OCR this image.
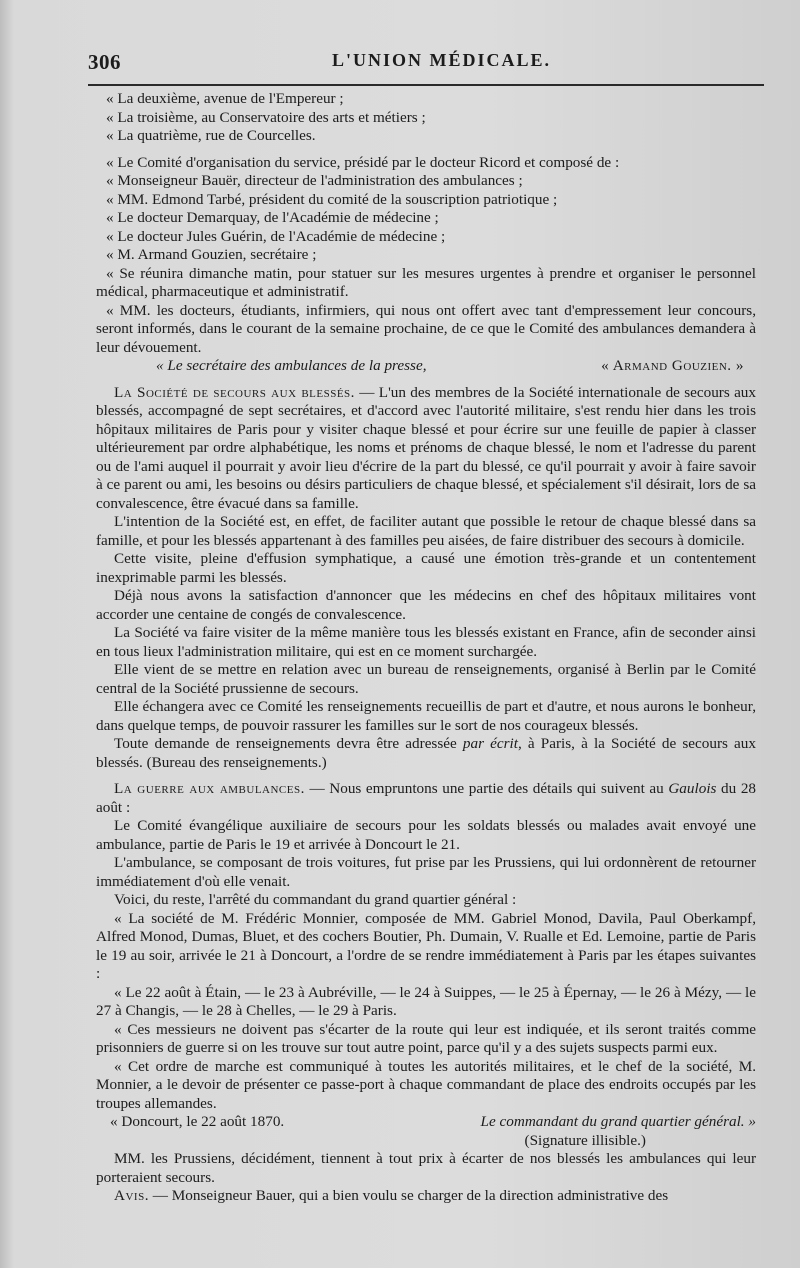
306	L'UNION MÉDICALE.

« La deuxième, avenue de l'Empereur ;

« La troisième, au Conservatoire des arts et métiers ;

« La quatrième, rue de Courcelles.

« Le Comité d'organisation du service, présidé par le docteur Ricord et composé de :

« Monseigneur Bauër, directeur de l'administration des ambulances ;

« MM. Edmond Tarbé, président du comité de la souscription patriotique ;

« Le docteur Demarquay, de l'Académie de médecine ;

« Le docteur Jules Guérin, de l'Académie de médecine ;

« M. Armand Gouzien, secrétaire ;

« Se réunira dimanche matin, pour statuer sur les mesures urgentes à prendre et organiser le personnel médical, pharmaceutique et administratif.

« MM. les docteurs, étudiants, infirmiers, qui nous ont offert avec tant d'empressement leur concours, seront informés, dans le courant de la semaine prochaine, de ce que le Comité des ambulances demandera à leur dévouement.

« Le secrétaire des ambulances de la presse,	« Armand Gouzien. »

La Société de secours aux blessés. — L'un des membres de la Société internationale de secours aux blessés, accompagné de sept secrétaires, et d'accord avec l'autorité militaire, s'est rendu hier dans les trois hôpitaux militaires de Paris pour y visiter chaque blessé et pour écrire sur une feuille de papier à classer ultérieurement par ordre alphabétique, les noms et prénoms de chaque blessé, le nom et l'adresse du parent ou de l'ami auquel il pourrait y avoir lieu d'écrire de la part du blessé, ce qu'il pourrait y avoir à faire savoir à ce parent ou ami, les besoins ou désirs particuliers de chaque blessé, et spécialement s'il désirait, lors de sa convalescence, être évacué dans sa famille.

L'intention de la Société est, en effet, de faciliter autant que possible le retour de chaque blessé dans sa famille, et pour les blessés appartenant à des familles peu aisées, de faire distribuer des secours à domicile.

Cette visite, pleine d'effusion symphatique, a causé une émotion très-grande et un contentement inexprimable parmi les blessés.

Déjà nous avons la satisfaction d'annoncer que les médecins en chef des hôpitaux militaires vont accorder une centaine de congés de convalescence.

La Société va faire visiter de la même manière tous les blessés existant en France, afin de seconder ainsi en tous lieux l'administration militaire, qui est en ce moment surchargée.

Elle vient de se mettre en relation avec un bureau de renseignements, organisé à Berlin par le Comité central de la Société prussienne de secours.

Elle échangera avec ce Comité les renseignements recueillis de part et d'autre, et nous aurons le bonheur, dans quelque temps, de pouvoir rassurer les familles sur le sort de nos courageux blessés.

Toute demande de renseignements devra être adressée par écrit, à Paris, à la Société de secours aux blessés. (Bureau des renseignements.)

La guerre aux ambulances. — Nous empruntons une partie des détails qui suivent au Gaulois du 28 août :

Le Comité évangélique auxiliaire de secours pour les soldats blessés ou malades avait envoyé une ambulance, partie de Paris le 19 et arrivée à Doncourt le 21.

L'ambulance, se composant de trois voitures, fut prise par les Prussiens, qui lui ordonnèrent de retourner immédiatement d'où elle venait.

Voici, du reste, l'arrêté du commandant du grand quartier général :

« La société de M. Frédéric Monnier, composée de MM. Gabriel Monod, Davila, Paul Oberkampf, Alfred Monod, Dumas, Bluet, et des cochers Boutier, Ph. Dumain, V. Rualle et Ed. Lemoine, partie de Paris le 19 au soir, arrivée le 21 à Doncourt, a l'ordre de se rendre immédiatement à Paris par les étapes suivantes :

« Le 22 août à Étain, — le 23 à Aubréville, — le 24 à Suippes, — le 25 à Épernay, — le 26 à Mézy, — le 27 à Changis, — le 28 à Chelles, — le 29 à Paris.

« Ces messieurs ne doivent pas s'écarter de la route qui leur est indiquée, et ils seront traités comme prisonniers de guerre si on les trouve sur tout autre point, parce qu'il y a des sujets suspects parmi eux.

« Cet ordre de marche est communiqué à toutes les autorités militaires, et le chef de la société, M. Monnier, a le devoir de présenter ce passe-port à chaque commandant de place des endroits occupés par les troupes allemandes.

« Doncourt, le 22 août 1870.	Le commandant du grand quartier général. »
(Signature illisible.)

MM. les Prussiens, décidément, tiennent à tout prix à écarter de nos blessés les ambulances qui leur porteraient secours.

Avis. — Monseigneur Bauer, qui a bien voulu se charger de la direction administrative des
